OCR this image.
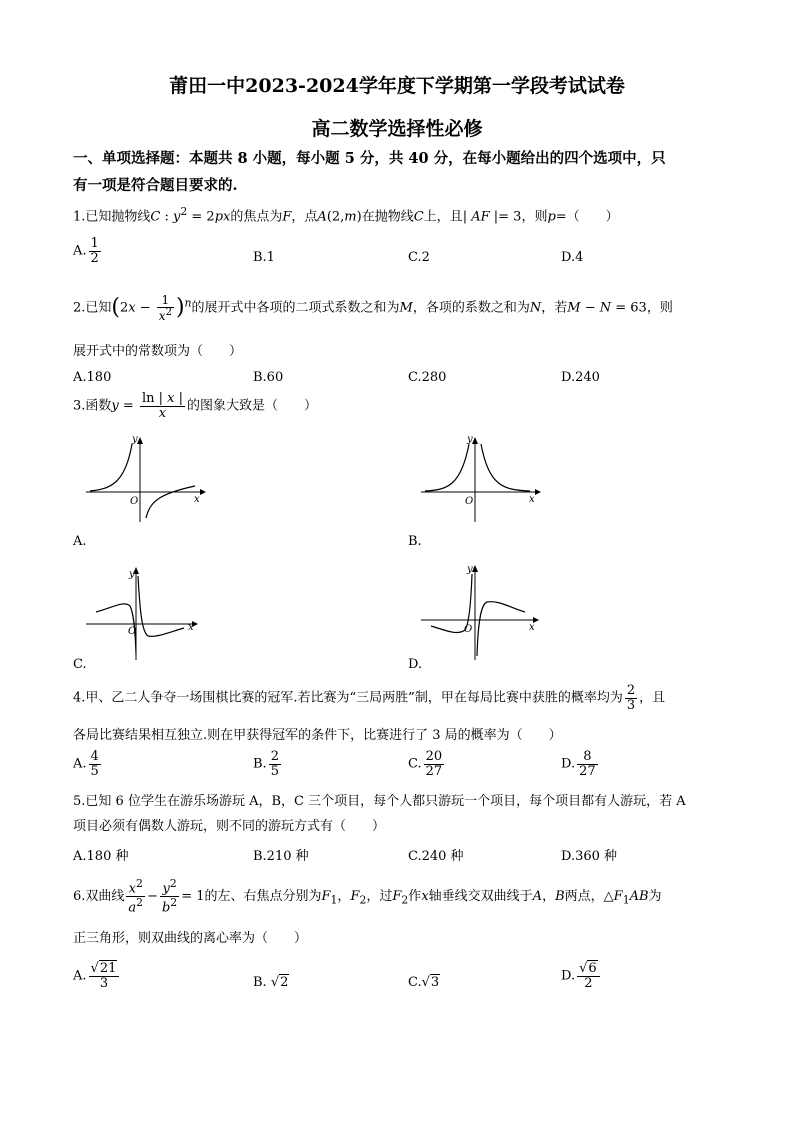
莆田一中2023-2024学年度下学期第一学段考试试卷
高二数学选择性必修
一、单项选择题：本题共 8 小题，每小题 5 分，共 40 分，在每小题给出的四个选项中，只
有一项是符合题目要求的.
1.已知抛物线C : $y^2 = 2px$的焦点为F，点A(2,m)在抛物线C上，且| AF |= 3，则p=（　　）
A. $\frac{1}{2}$	B.1	C.2	D.4
2.已知$(2x - \frac{1}{x^2} )^n$的展开式中各项的二项式系数之和为M，各项的系数之和为N，若M − N = 63，则
展开式中的常数项为（　　）
A.180	B.60	C.280	D.240
3.函数$y = \frac{\ln | x |}{x}$ 的图象大致是（　　）
y
x
O
A.
y
x
O
B.
y
x
O
C.
y
x
O
D.
4.甲、乙二人争夺一场围棋比赛的冠军.若比赛为“三局两胜”制，甲在每局比赛中获胜的概率均为 $\frac{2}{3}$ ，且
各局比赛结果相互独立.则在甲获得冠军的条件下，比赛进行了 3 局的概率为（　　）
A. $\frac{4}{5}$	B. $\frac{2}{5}$	C. $\frac{20}{27}$	D. $\frac{8}{27}$
5.已知 6 位学生在游乐场游玩 A，B，C 三个项目，每个人都只游玩一个项目，每个项目都有人游玩，若 A
项目必须有偶数人游玩，则不同的游玩方式有（　　）
A.180 种	B.210 种	C.240 种	D.360 种
6.双曲线 $\frac{x^2}{a^2} - \frac{y^2}{b^2} = 1$的左、右焦点分别为$F_1$，$F_2$，过$F_2$作x轴垂线交双曲线于A，B两点，$\triangle F_1AB$为
正三角形，则双曲线的离心率为（　　）
A. $\frac{√21}{3}$	B. √2	C.√3	D. $\frac{√6}{2}$
